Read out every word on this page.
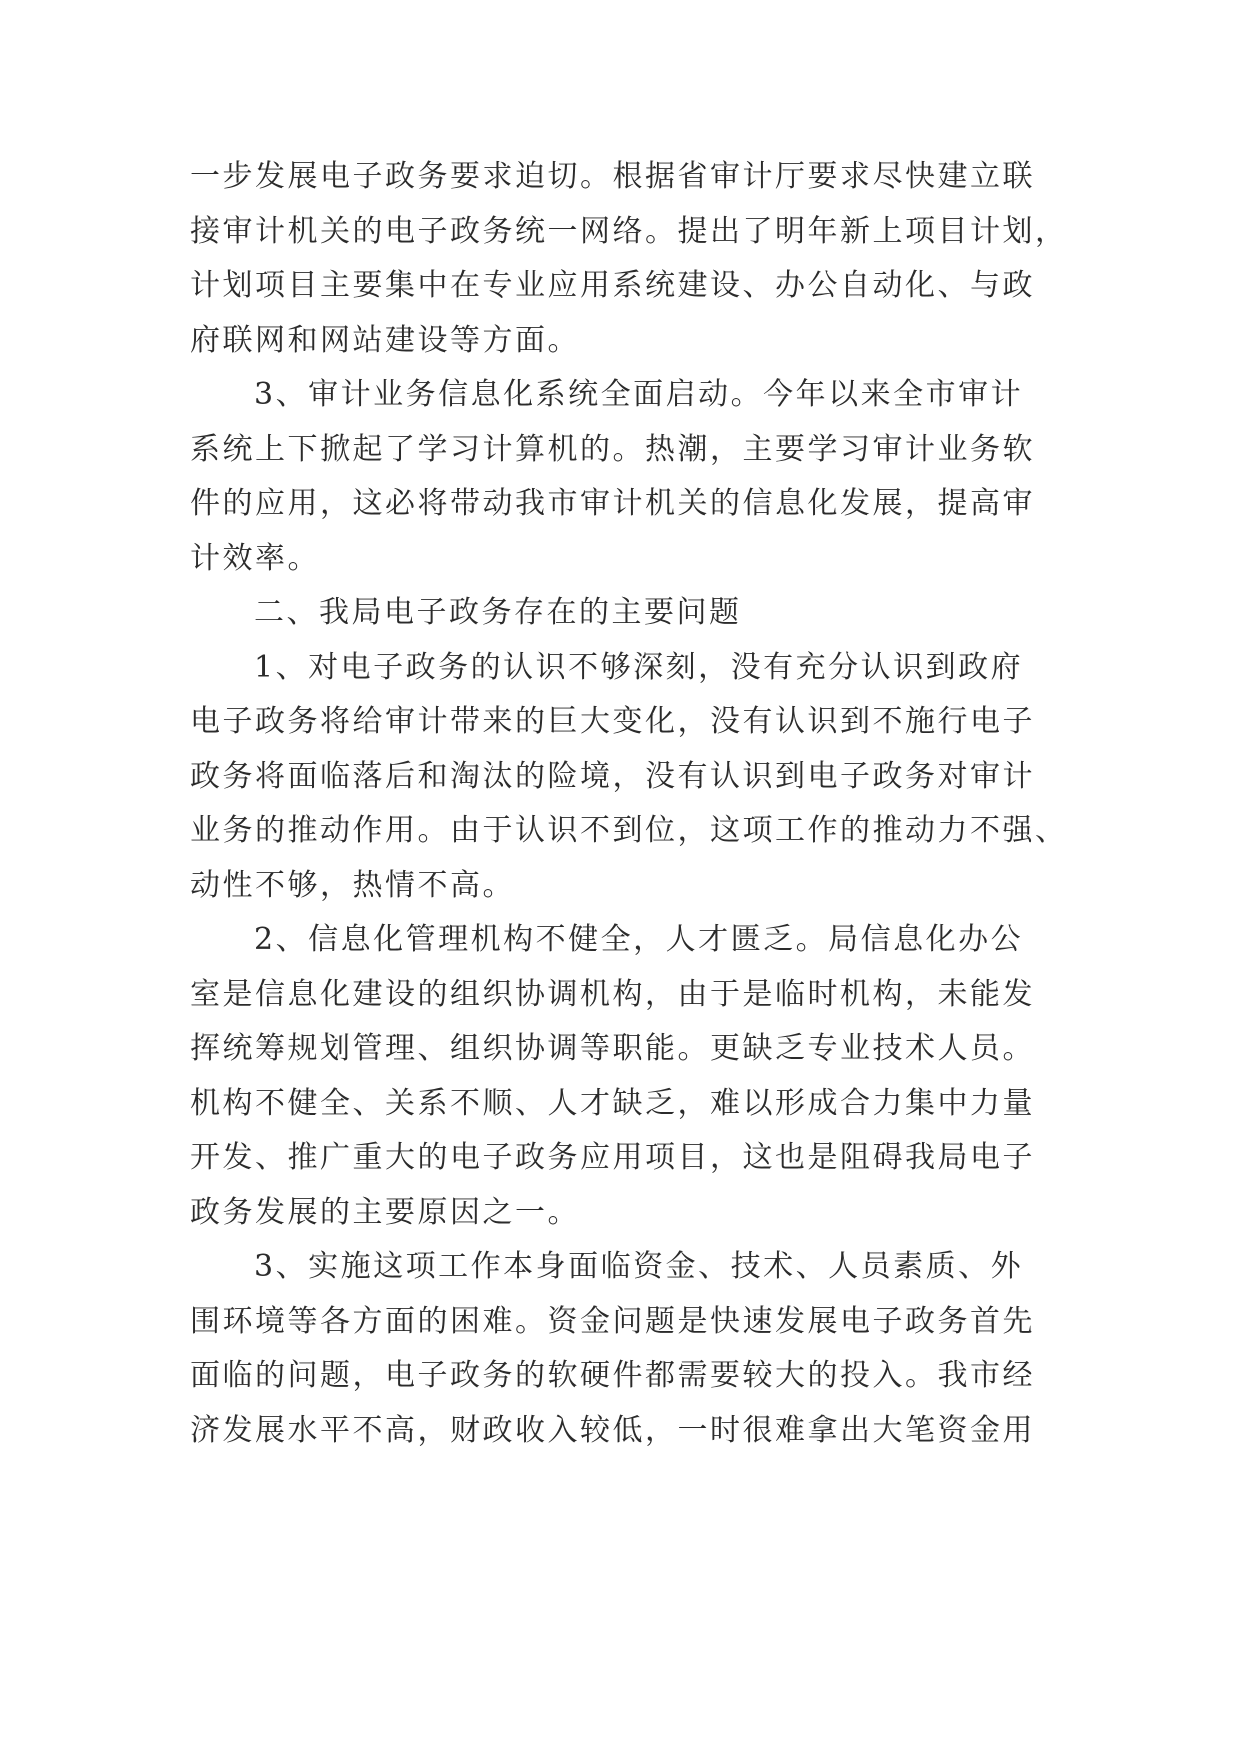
一步发展电子政务要求迫切。根据省审计厅要求尽快建立联
接审计机关的电子政务统一网络。提出了明年新上项目计划，
计划项目主要集中在专业应用系统建设、办公自动化、与政
府联网和网站建设等方面。
3、审计业务信息化系统全面启动。今年以来全市审计
系统上下掀起了学习计算机的。热潮，主要学习审计业务软
件的应用，这必将带动我市审计机关的信息化发展，提高审
计效率。
二、我局电子政务存在的主要问题
1、对电子政务的认识不够深刻，没有充分认识到政府
电子政务将给审计带来的巨大变化，没有认识到不施行电子
政务将面临落后和淘汰的险境，没有认识到电子政务对审计
业务的推动作用。由于认识不到位，这项工作的推动力不强、
动性不够，热情不高。
2、信息化管理机构不健全，人才匮乏。局信息化办公
室是信息化建设的组织协调机构，由于是临时机构，未能发
挥统筹规划管理、组织协调等职能。更缺乏专业技术人员。
机构不健全、关系不顺、人才缺乏，难以形成合力集中力量
开发、推广重大的电子政务应用项目，这也是阻碍我局电子
政务发展的主要原因之一。
3、实施这项工作本身面临资金、技术、人员素质、外
围环境等各方面的困难。资金问题是快速发展电子政务首先
面临的问题，电子政务的软硬件都需要较大的投入。我市经
济发展水平不高，财政收入较低，一时很难拿出大笔资金用
